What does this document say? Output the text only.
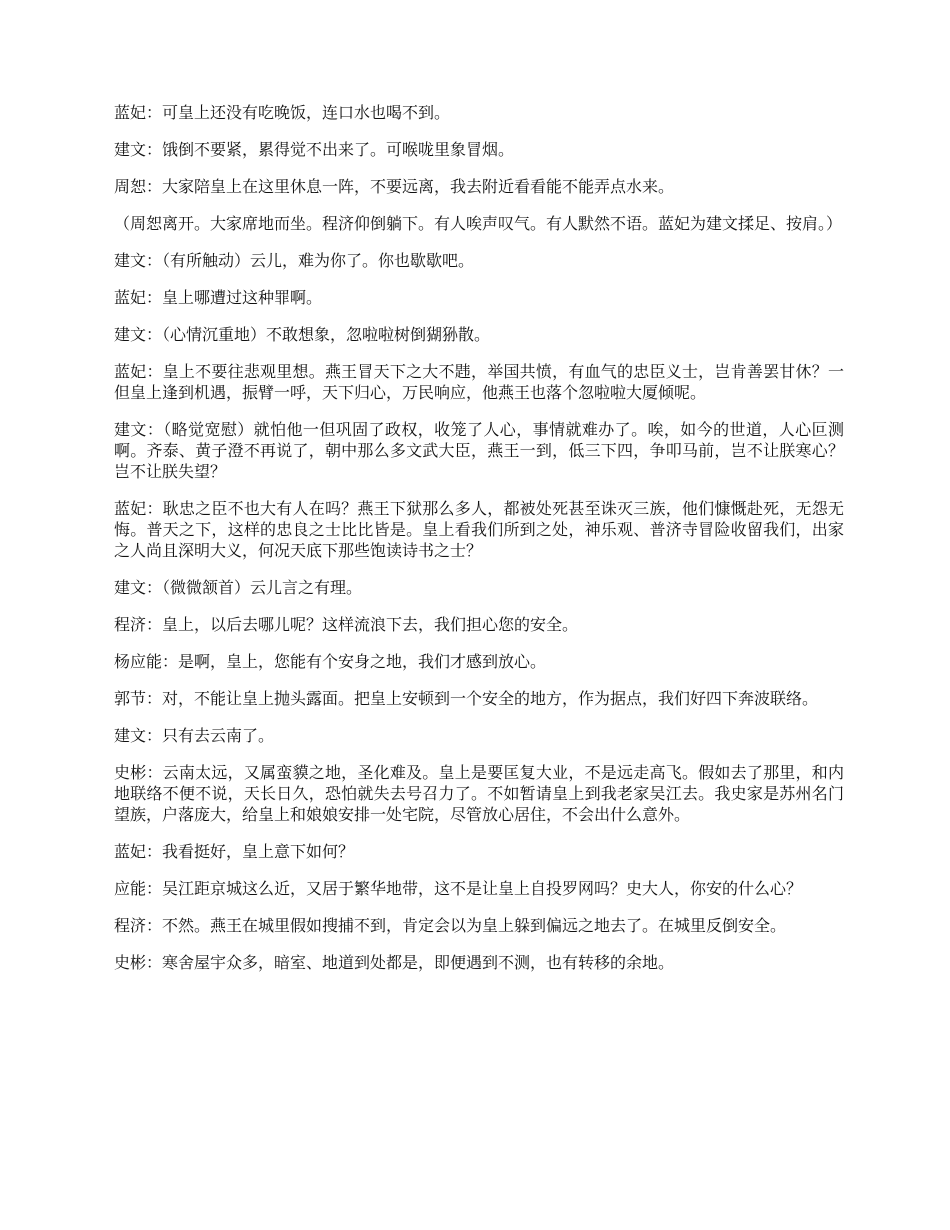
蓝妃：可皇上还没有吃晚饭，连口水也喝不到。

建文：饿倒不要紧，累得觉不出来了。可喉咙里象冒烟。

周恕：大家陪皇上在这里休息一阵，不要远离，我去附近看看能不能弄点水来。

（周恕离开。大家席地而坐。程济仰倒躺下。有人唉声叹气。有人默然不语。蓝妃为建文揉足、按肩。）

建文：（有所触动）云儿，难为你了。你也歇歇吧。

蓝妃：皇上哪遭过这种罪啊。

建文：（心情沉重地）不敢想象，忽啦啦树倒猢狲散。

蓝妃：皇上不要往悲观里想。燕王冒天下之大不韪，举国共愤，有血气的忠臣义士，岂肯善罢甘休？一但皇上逢到机遇，振臂一呼，天下归心，万民响应，他燕王也落个忽啦啦大厦倾呢。

建文：（略觉宽慰）就怕他一但巩固了政权，收笼了人心，事情就难办了。唉，如今的世道，人心叵测啊。齐泰、黄子澄不再说了，朝中那么多文武大臣，燕王一到，低三下四，争叩马前，岂不让朕寒心？岂不让朕失望？

蓝妃：耿忠之臣不也大有人在吗？燕王下狱那么多人，都被处死甚至诛灭三族，他们慷慨赴死，无怨无悔。普天之下，这样的忠良之士比比皆是。皇上看我们所到之处，神乐观、普济寺冒险收留我们，出家之人尚且深明大义，何况天底下那些饱读诗书之士？

建文：（微微颔首）云儿言之有理。

程济：皇上，以后去哪儿呢？这样流浪下去，我们担心您的安全。

杨应能：是啊，皇上，您能有个安身之地，我们才感到放心。

郭节：对，不能让皇上抛头露面。把皇上安顿到一个安全的地方，作为据点，我们好四下奔波联络。

建文：只有去云南了。

史彬：云南太远，又属蛮貘之地，圣化难及。皇上是要匡复大业，不是远走高飞。假如去了那里，和内地联络不便不说，天长日久，恐怕就失去号召力了。不如暂请皇上到我老家吴江去。我史家是苏州名门望族，户落庞大，给皇上和娘娘安排一处宅院，尽管放心居住，不会出什么意外。

蓝妃：我看挺好，皇上意下如何？

应能：吴江距京城这么近，又居于繁华地带，这不是让皇上自投罗网吗？史大人，你安的什么心？

程济：不然。燕王在城里假如搜捕不到，肯定会以为皇上躲到偏远之地去了。在城里反倒安全。

史彬：寒舍屋宇众多，暗室、地道到处都是，即便遇到不测，也有转移的余地。
